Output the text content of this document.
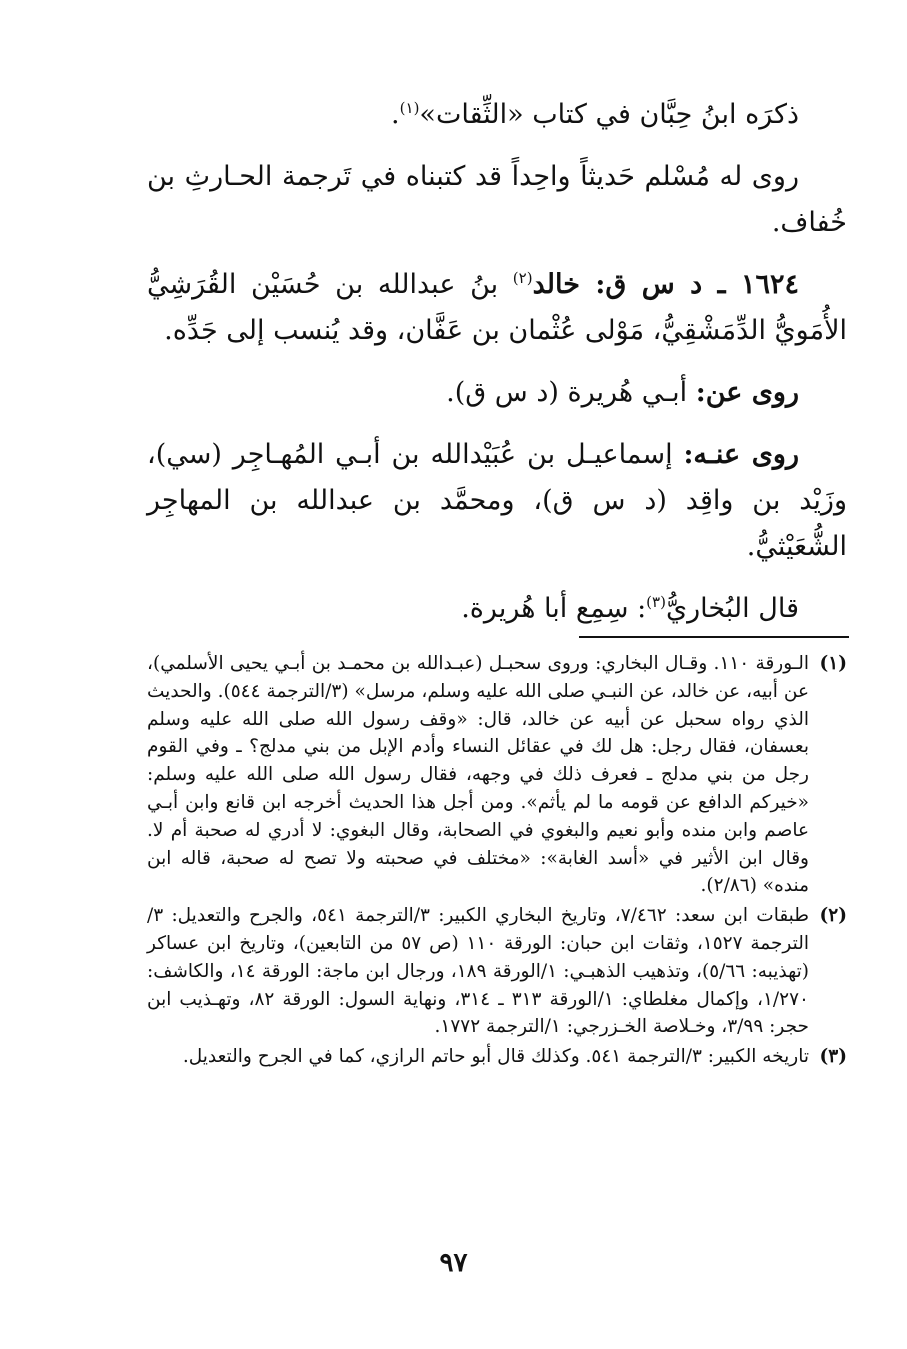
ذكرَه ابنُ حِبَّان في كتاب «الثِّقات»$^{(١)}$.

روى له مُسْلم حَديثاً واحِداً قد كتبناه في تَرجمة الحـارثِ بن خُفاف.

١٦٢٤ ـ د س ق: خالد$^{(٢)}$ بنُ عبدالله بن حُسَيْن القُرَشِيُّ الأُمَويُّ الدِّمَشْقِيُّ، مَوْلى عُثْمان بن عَفَّان، وقد يُنسب إلى جَدِّه.

روى عن: أبـي هُريرة (د س ق).

روى عنـه: إسماعيـل بن عُبَيْدالله بن أبـي المُهـاجِر (سي)، وزَيْد بن واقِد (د س ق)، ومحمَّد بن عبدالله بن المهاجِر الشُّعَيْثيُّ.

قال البُخاريُّ$^{(٣)}$: سِمِع أبا هُريرة.

(١)
الـورقة ١١٠. وقـال البخاري: وروى سحبـل (عبـدالله بن محمـد بن أبـي يحيى الأسلمي)، عن أبيه، عن خالد، عن النبـي صلى الله عليه وسلم، مرسل» (٣/الترجمة ٥٤٤). والحديث الذي رواه سحبل عن أبيه عن خالد، قال: «وقف رسول الله صلى الله عليه وسلم بعسفان، فقال رجل: هل لك في عقائل النساء وأدم الإبل من بني مدلج؟ ـ وفي القوم رجل من بني مدلج ـ فعرف ذلك في وجهه، فقال رسول الله صلى الله عليه وسلم: «خيركم الدافع عن قومه ما لم يأثم». ومن أجل هذا الحديث أخرجه ابن قانع وابن أبـي عاصم وابن منده وأبو نعيم والبغوي في الصحابة، وقال البغوي: لا أدري له صحبة أم لا. وقال ابن الأثير في «أسد الغابة»: «مختلف في صحبته ولا تصح له صحبة، قاله ابن منده» (٢/٨٦).
(٢)
طبقات ابن سعد: ٧/٤٦٢، وتاريخ البخاري الكبير: ٣/الترجمة ٥٤١، والجرح والتعديل: ٣/الترجمة ١٥٢٧، وثقات ابن حبان: الورقة ١١٠ (ص ٥٧ من التابعين)، وتاريخ ابن عساكر (تهذيبه: ٥/٦٦)، وتذهيب الذهبـي: ١/الورقة ١٨٩، ورجال ابن ماجة: الورقة ١٤، والكاشف: ١/٢٧٠، وإكمال مغلطاي: ١/الورقة ٣١٣ ـ ٣١٤، ونهاية السول: الورقة ٨٢، وتهـذيب ابن حجر: ٣/٩٩، وخـلاصة الخـزرجي: ١/الترجمة ١٧٧٢.
(٣)
تاريخه الكبير: ٣/الترجمة ٥٤١. وكذلك قال أبو حاتم الرازي، كما في الجرح والتعديل.
٩٧
